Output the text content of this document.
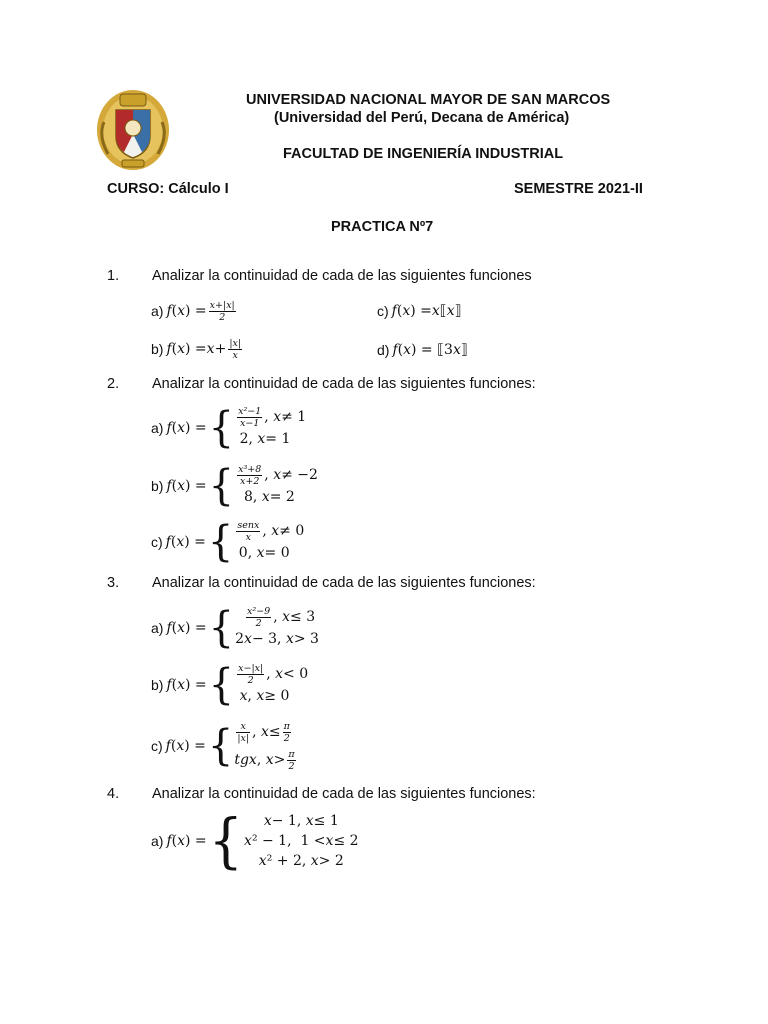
UNIVERSIDAD NACIONAL MAYOR DE SAN MARCOS
(Universidad del Perú, Decana de América)
FACULTAD DE INGENIERÍA INDUSTRIAL
CURSO: Cálculo I	SEMESTRE 2021-II
PRACTICA Nº7
1. Analizar la continuidad de cada de las siguientes funciones
a) f ( x ) = $\frac{x+|x|}{2}$	c) f ( x ) = x ⟦ x ⟧
b) f ( x ) = $x + \frac{|x|}{x}$	d) f ( x ) = ⟦3 x ⟧
2. Analizar la continuidad de cada de las siguientes funciones:
a) f ( x ) = { $\frac{\text{x²−1}}{x-1}$ , x ≠ 1
2, x = 1
b) f ( x ) = { $\frac{\text{x³+8}}{x+2}$ , x ≠ −2
8, x = 2
c) f ( x ) = { $\frac{\text{senx}}{x}$ , x ≠ 0
0, x = 0
3. Analizar la continuidad de cada de las siguientes funciones:
a) f ( x ) = {
$\frac{\text{x²−9}}{2}$ , x ≤ 3
2 x − 3, x > 3
b) f ( x ) = { $\frac{x-|x|}{2}$ , x < 0
x , x ≥ 0
c) f ( x ) = { $\frac{x}{|x|}$ , $x \le \frac{\pi}{2}$
tgx , $x > \frac{\pi}{2}$
4. Analizar la continuidad de cada de las siguientes funciones:
a) f ( x ) = { x − 1, x ≤ 1
x ² − 1,  1 < x ≤ 2
x ² + 2, x > 2
